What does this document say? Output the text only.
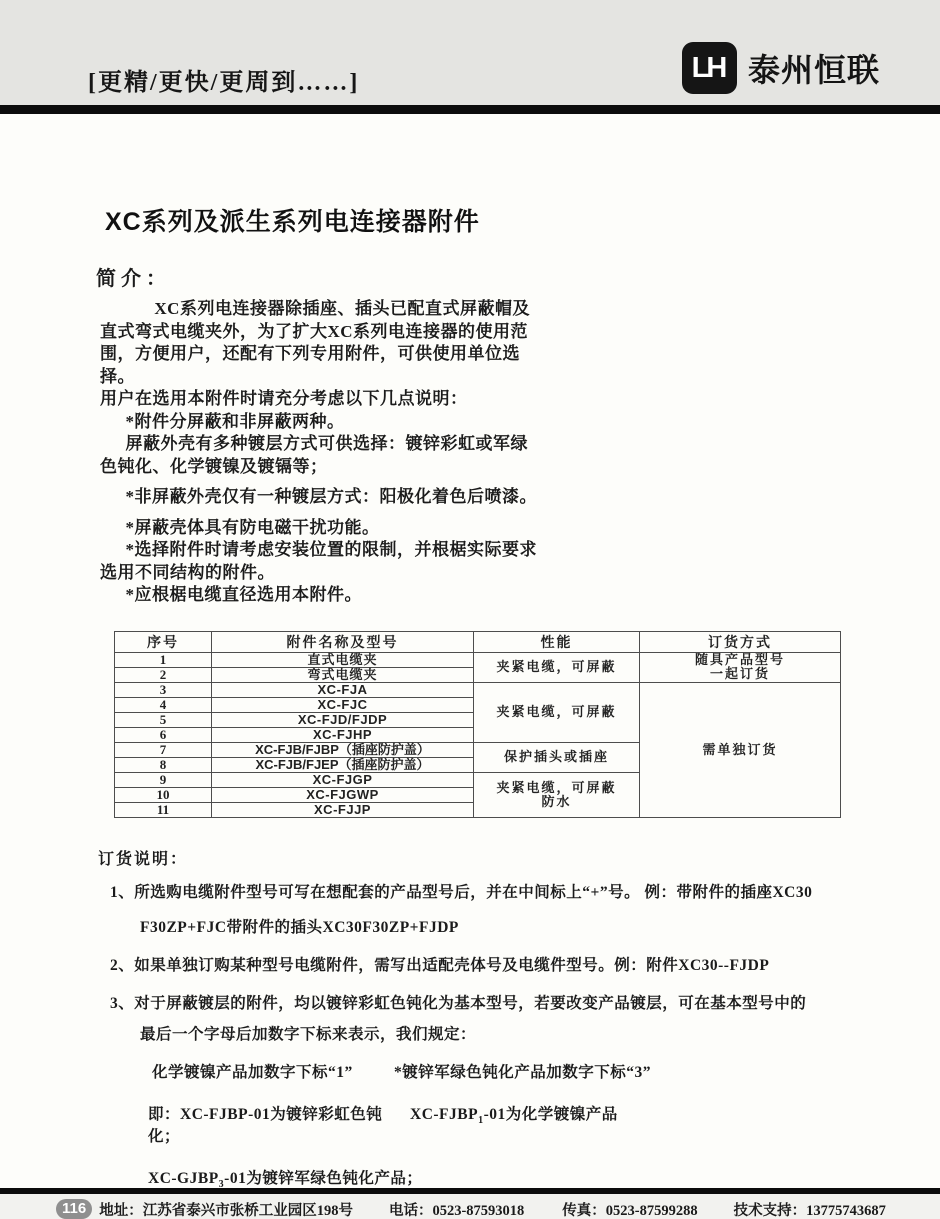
[更精/更快/更周到……]	LH 泰州恒联
XC系列及派生系列电连接器附件
简介：

XC系列电连接器除插座、插头已配直式屏蔽帽及直式弯式电缆夹外，为了扩大XC系列电连接器的使用范围，方便用户，还配有下列专用附件，可供使用单位选择。

用户在选用本附件时请充分考虑以下几点说明：

*附件分屏蔽和非屏蔽两种。

屏蔽外壳有多种镀层方式可供选择：镀锌彩虹或军绿色钝化、化学镀镍及镀镉等；

*非屏蔽外壳仅有一种镀层方式：阳极化着色后喷漆。

*屏蔽壳体具有防电磁干扰功能。

*选择附件时请考虑安装位置的限制，并根椐实际要求选用不同结构的附件。

*应根椐电缆直径选用本附件。

序号	附件名称及型号	性能	订货方式
1	直式电缆夹	夹紧电缆，可屏蔽	随具产品型号
一起订货

2	弯式电缆夹		
3	XC-FJA	夹紧电缆，可屏蔽	需单独订货
4	XC-FJC		
5	XC-FJD/FJDP		
6	XC-FJHP		
7	XC-FJB/FJBP（插座防护盖）	保护插头或插座	
8	XC-FJB/FJEP（插座防护盖）		
9	XC-FJGP	夹紧电缆，可屏蔽
防水	

10	XC-FJGWP		
11	XC-FJJP		
订货说明：
1、所选购电缆附件型号可写在想配套的产品型号后，并在中间标上“+”号。 例：带附件的插座XC30
F30ZP+FJC带附件的插头XC30F30ZP+FJDP
2、如果单独订购某种型号电缆附件，需写出适配壳体号及电缆件型号。例：附件XC30--FJDP
3、对于屏蔽镀层的附件，均以镀锌彩虹色钝化为基本型号，若要改变产品镀层，可在基本型号中的
最后一个字母后加数字下标来表示，我们规定：
化学镀镍产品加数字下标“1”	*镀锌军绿色钝化产品加数字下标“3”
即：XC-FJBP-01为镀锌彩虹色钝化；
$XC-FJBP_1-01$为化学镀镍产品
$XC-GJBP_3-01$为镀锌军绿色钝化产品；
116 地址：江苏省泰兴市张桥工业园区198号 电话：0523-87593018	传真：0523-87599288 技术支持：13775743687
